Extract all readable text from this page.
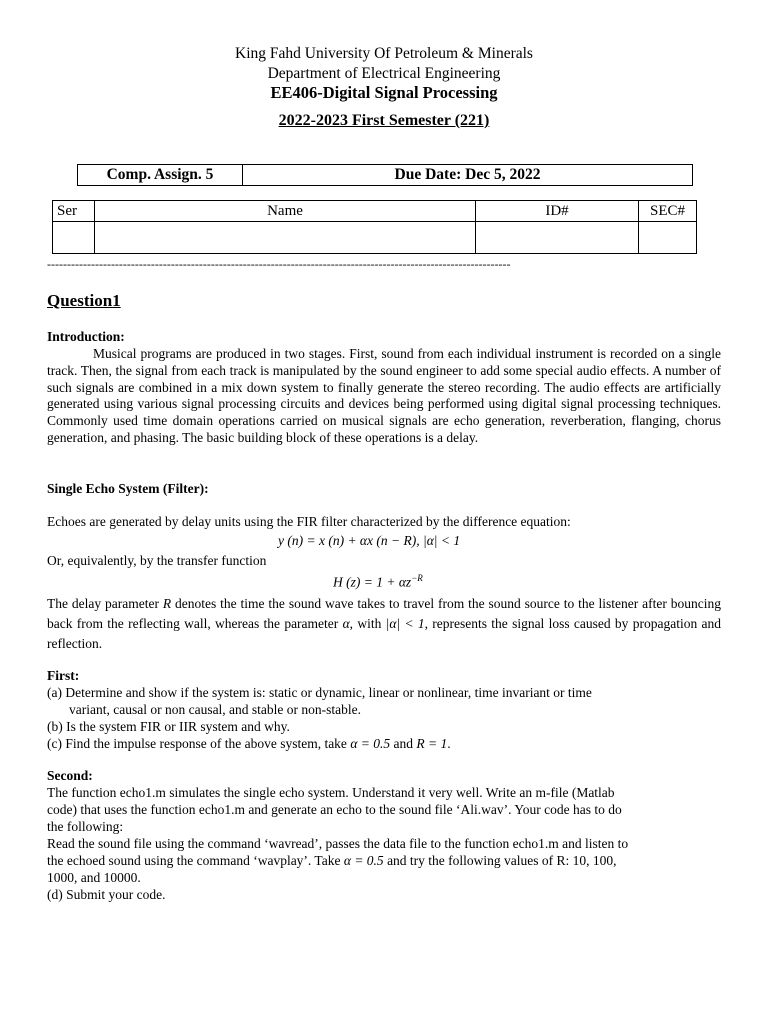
King Fahd University Of Petroleum & Minerals
Department of Electrical Engineering
EE406-Digital Signal Processing
2022-2023 First Semester (221)
Comp. Assign. 5	Due Date: Dec 5, 2022
Ser	Name	ID#	SEC#

--------------------------------------------------------------------------------------------------------------------
Question1
Introduction:
Musical programs are produced in two stages. First, sound from each individual instrument is recorded on a single track. Then, the signal from each track is manipulated by the sound engineer to add some special audio effects. A number of such signals are combined in a mix down system to finally generate the stereo recording. The audio effects are artificially generated using various signal processing circuits and devices being performed using digital signal processing techniques. Commonly used time domain operations carried on musical signals are echo generation, reverberation, flanging, chorus generation, and phasing. The basic building block of these operations is a delay.
Single Echo System (Filter):
Echoes are generated by delay units using the FIR filter characterized by the difference equation:
y (n) = x (n) + αx (n − R), |α| < 1
Or, equivalently, by the transfer function
H $(z) = 1 + \alpha z^{-R}$
The delay parameter R denotes the time the sound wave takes to travel from the sound source to the listener after bouncing back from the reflecting wall, whereas the parameter α, with |α| < 1, represents the signal loss caused by propagation and reflection.
First:
(a) Determine and show if the system is: static or dynamic, linear or nonlinear, time invariant or time
variant, causal or non causal, and stable or non-stable.
(b) Is the system FIR or IIR system and why.
(c) Find the impulse response of the above system, take α = 0.5 and R = 1.
Second:
The function echo1.m simulates the single echo system. Understand it very well. Write an m-file (Matlab
code) that uses the function echo1.m and generate an echo to the sound file ‘Ali.wav’. Your code has to do
the following:
Read the sound file using the command ‘wavread’, passes the data file to the function echo1.m and listen to
the echoed sound using the command ‘wavplay’. Take α = 0.5 and try the following values of R: 10, 100,
1000, and 10000.
(d) Submit your code.
